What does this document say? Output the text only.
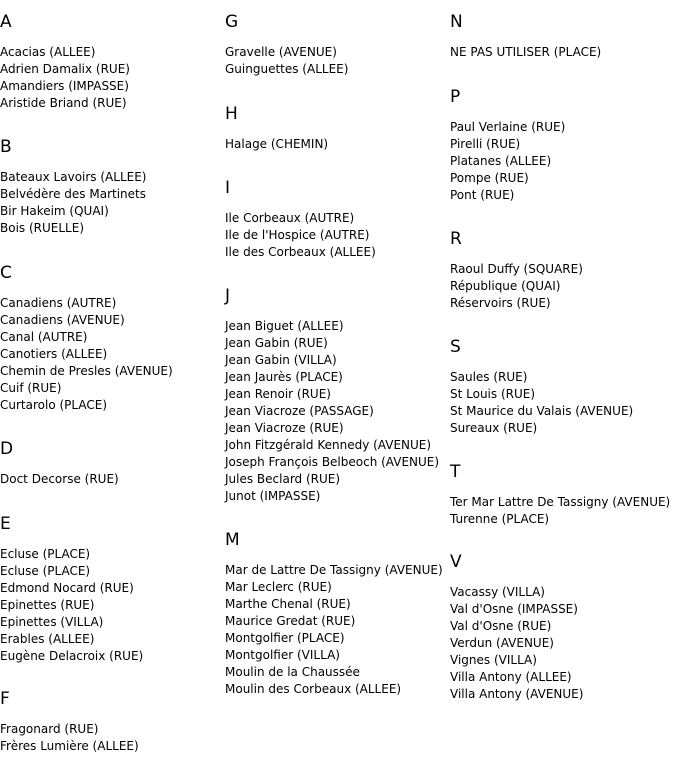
A
Acacias (ALLEE)
Adrien Damalix (RUE)
Amandiers (IMPASSE)
Aristide Briand (RUE)
B
Bateaux Lavoirs (ALLEE)
Belvédère des Martinets
Bir Hakeim (QUAI)
Bois (RUELLE)
C
Canadiens (AUTRE)
Canadiens (AVENUE)
Canal (AUTRE)
Canotiers (ALLEE)
Chemin de Presles (AVENUE)
Cuif (RUE)
Curtarolo (PLACE)
D
Doct Decorse (RUE)
E
Ecluse (PLACE)
Ecluse (PLACE)
Edmond Nocard (RUE)
Epinettes (RUE)
Epinettes (VILLA)
Erables (ALLEE)
Eugène Delacroix (RUE)
F
Fragonard (RUE)
Frères Lumière (ALLEE)
G
Gravelle (AVENUE)
Guinguettes (ALLEE)
H
Halage (CHEMIN)
I
Ile Corbeaux (AUTRE)
Ile de l'Hospice (AUTRE)
Ile des Corbeaux (ALLEE)
J
Jean Biguet (ALLEE)
Jean Gabin (RUE)
Jean Gabin (VILLA)
Jean Jaurès (PLACE)
Jean Renoir (RUE)
Jean Viacroze (PASSAGE)
Jean Viacroze (RUE)
John Fitzgérald Kennedy (AVENUE)
Joseph François Belbeoch (AVENUE)
Jules Beclard (RUE)
Junot (IMPASSE)
M
Mar de Lattre De Tassigny (AVENUE)
Mar Leclerc (RUE)
Marthe Chenal (RUE)
Maurice Gredat (RUE)
Montgolfier (PLACE)
Montgolfier (VILLA)
Moulin de la Chaussée
Moulin des Corbeaux (ALLEE)
N
NE PAS UTILISER (PLACE)
P
Paul Verlaine (RUE)
Pirelli (RUE)
Platanes (ALLEE)
Pompe (RUE)
Pont (RUE)
R
Raoul Duffy (SQUARE)
République (QUAI)
Réservoirs (RUE)
S
Saules (RUE)
St Louis (RUE)
St Maurice du Valais (AVENUE)
Sureaux (RUE)
T
Ter Mar Lattre De Tassigny (AVENUE)
Turenne (PLACE)
V
Vacassy (VILLA)
Val d'Osne (IMPASSE)
Val d'Osne (RUE)
Verdun (AVENUE)
Vignes (VILLA)
Villa Antony (ALLEE)
Villa Antony (AVENUE)
